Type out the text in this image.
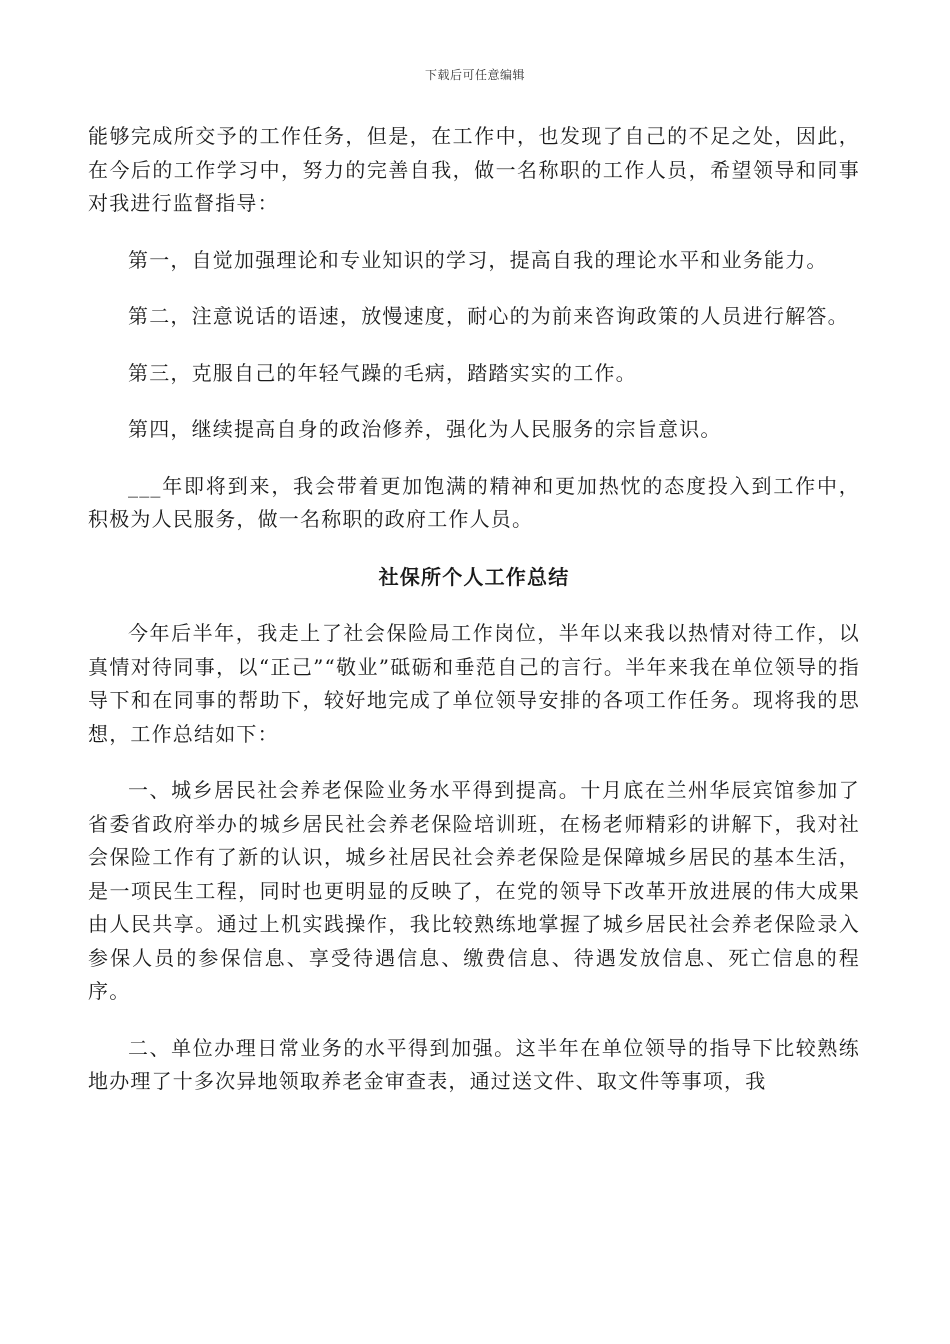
下载后可任意编辑

能够完成所交予的工作任务，但是，在工作中，也发现了自己的不足之处，因此，在今后的工作学习中，努力的完善自我，做一名称职的工作人员，希望领导和同事对我进行监督指导：

第一，自觉加强理论和专业知识的学习，提高自我的理论水平和业务能力。

第二，注意说话的语速，放慢速度，耐心的为前来咨询政策的人员进行解答。

第三，克服自己的年轻气躁的毛病，踏踏实实的工作。

第四，继续提高自身的政治修养，强化为人民服务的宗旨意识。

___年即将到来，我会带着更加饱满的精神和更加热忱的态度投入到工作中，积极为人民服务，做一名称职的政府工作人员。

社保所个人工作总结

今年后半年，我走上了社会保险局工作岗位，半年以来我以热情对待工作，以真情对待同事，以“正己”“敬业”砥砺和垂范自己的言行。半年来我在单位领导的指导下和在同事的帮助下，较好地完成了单位领导安排的各项工作任务。现将我的思想，工作总结如下：

一、城乡居民社会养老保险业务水平得到提高。十月底在兰州华辰宾馆参加了省委省政府举办的城乡居民社会养老保险培训班，在杨老师精彩的讲解下，我对社会保险工作有了新的认识，城乡社居民社会养老保险是保障城乡居民的基本生活，是一项民生工程，同时也更明显的反映了，在党的领导下改革开放进展的伟大成果由人民共享。通过上机实践操作，我比较熟练地掌握了城乡居民社会养老保险录入参保人员的参保信息、享受待遇信息、缴费信息、待遇发放信息、死亡信息的程序。

二、单位办理日常业务的水平得到加强。这半年在单位领导的指导下比较熟练地办理了十多次异地领取养老金审查表，通过送文件、取文件等事项，我
